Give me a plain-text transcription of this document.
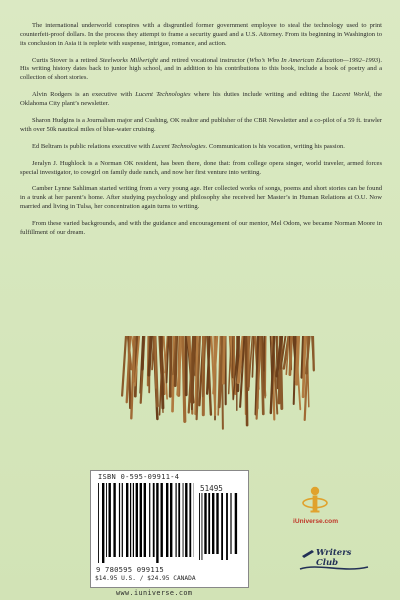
The international underworld conspires with a disgruntled former government employee to steal the technology used to print counterfeit-proof dollars. In the process they attempt to frame a security guard and a U.S. Attorney. From its beginning in Washington to its conclusion in Asia it is replete with suspense, intrigue, romance, and action.

Curtis Stover is a retired Steelworks Millwright and retired vocational instructor (Who’s Who In American Education—1992–1993). His writing history dates back to junior high school, and in addition to his contributions to this book, include a book of poetry and a collection of short stories.

Alvin Rodgers is an executive with Lucent Technologies where his duties include writing and editing the Lucent World, the Oklahoma City plant’s newsletter.

Sharon Hudgins is a Journalism major and Cushing, OK realtor and publisher of the CBR Newsletter and a co-pilot of a 59 ft. trawler with over 50k nautical miles of blue-water cruising.

Ed Beltram is public relations executive with Lucent Technologies. Communication is his vocation, writing his passion.

Jeralyn J. Hughlock is a Norman OK resident, has been there, done that: from college opera singer, world traveler, armed forces special investigator, to cowgirl on family dude ranch, and now her first venture into writing.

Camber Lynne Sahliman started writing from a very young age. Her collected works of songs, poems and short stories can be found in a trunk at her parent’s home. After studying psychology and philosophy she received her Master’s in Human Relations at O.U. Now married and living in Tulsa, her concentration again turns to writing.

From these varied backgrounds, and with the guidance and encouragement of our mentor, Mel Odom, we became Norman Moore in fulfillment of our dream.

ISBN 0-595-09911-4
51495
9 780595 099115
$14.95 U.S. / $24.95 CANADA
www.iuniverse.com
iUniverse.com
Writers Club
